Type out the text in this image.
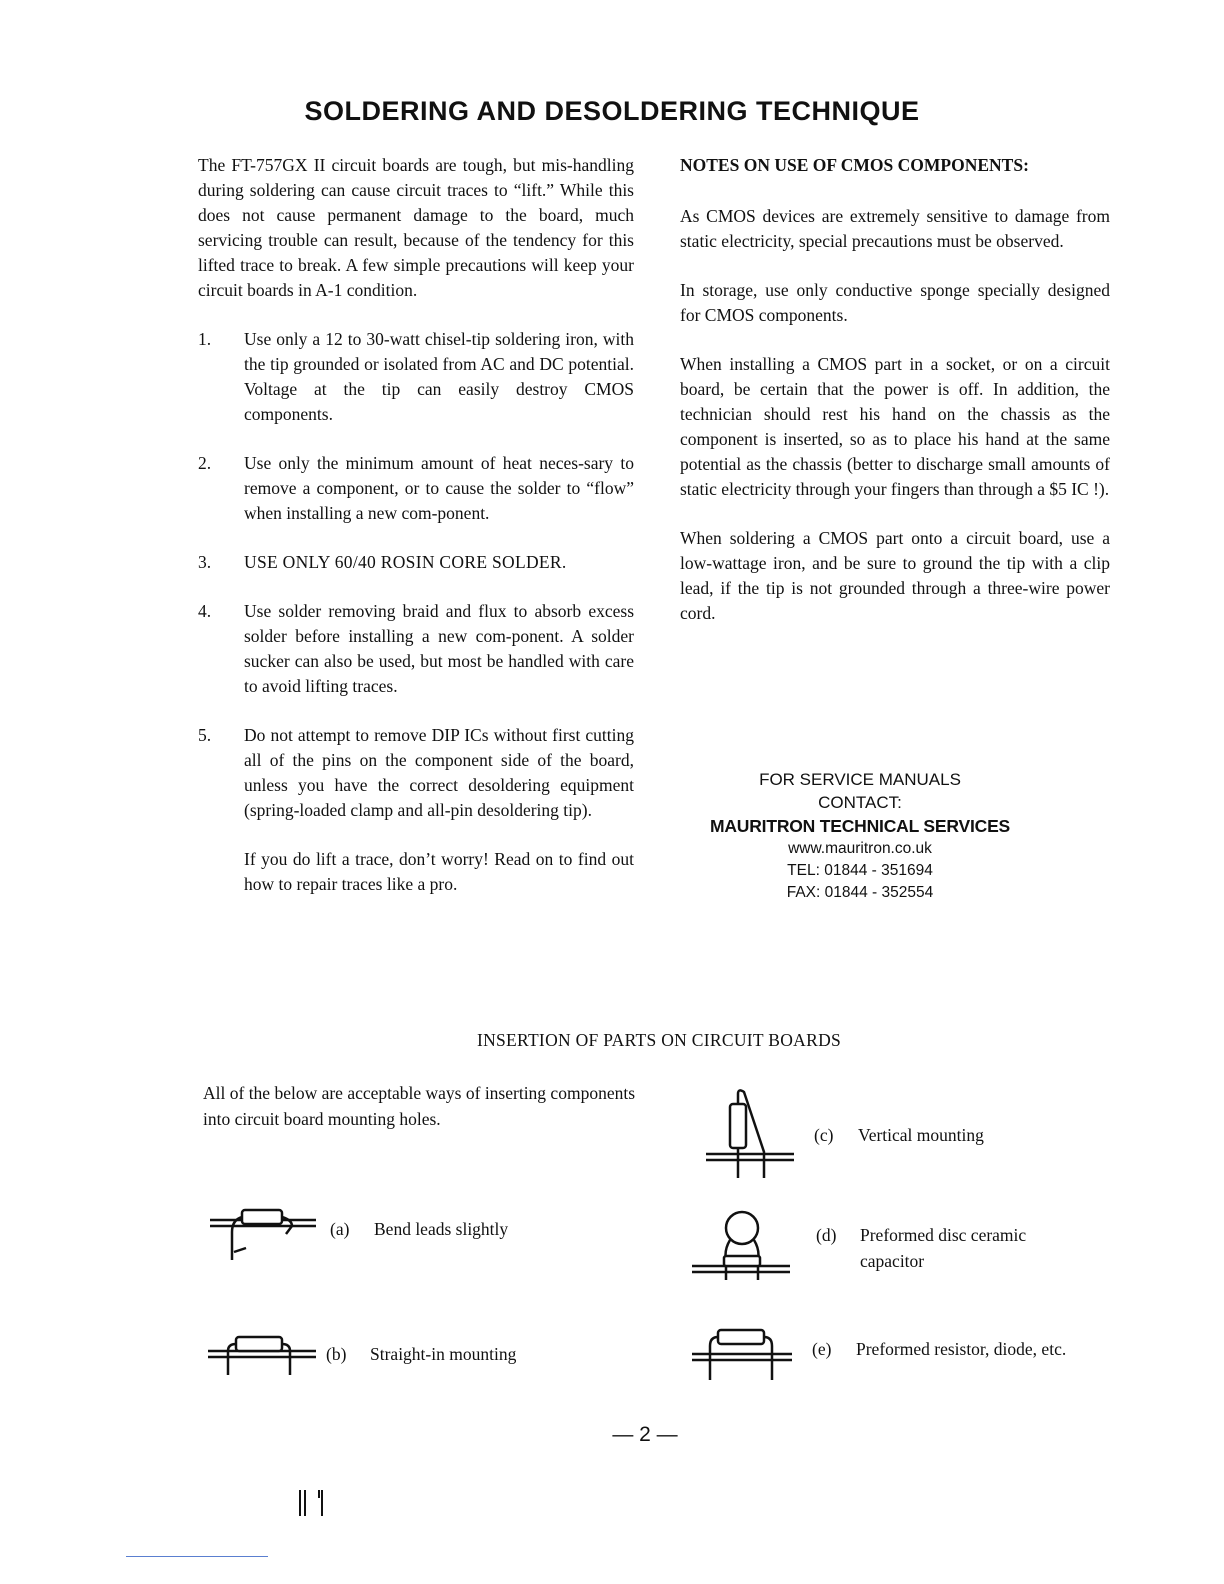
SOLDERING AND DESOLDERING TECHNIQUE

The FT-757GX II circuit boards are tough, but mis-handling during soldering can cause circuit traces to “lift.” While this does not cause permanent damage to the board, much servicing trouble can result, because of the tendency for this lifted trace to break. A few simple precautions will keep your circuit boards in A-1 condition.

1.	Use only a 12 to 30-watt chisel-tip soldering iron, with the tip grounded or isolated from AC and DC potential. Voltage at the tip can easily destroy CMOS components.
2.	Use only the minimum amount of heat neces-sary to remove a component, or to cause the solder to “flow” when installing a new com-ponent.
3.	USE ONLY 60/40 ROSIN CORE SOLDER.
4.	Use solder removing braid and flux to absorb excess solder before installing a new com-ponent. A solder sucker can also be used, but most be handled with care to avoid lifting traces.
5.	Do not attempt to remove DIP ICs without first cutting all of the pins on the component side of the board, unless you have the correct desoldering equipment (spring-loaded clamp and all-pin desoldering tip).

If you do lift a trace, don’t worry! Read on to find out how to repair traces like a pro.

NOTES ON USE OF CMOS COMPONENTS:

As CMOS devices are extremely sensitive to damage from static electricity, special precautions must be observed.

In storage, use only conductive sponge specially designed for CMOS components.

When installing a CMOS part in a socket, or on a circuit board, be certain that the power is off. In addition, the technician should rest his hand on the chassis as the component is inserted, so as to place his hand at the same potential as the chassis (better to discharge small amounts of static electricity through your fingers than through a $5 IC !).

When soldering a CMOS part onto a circuit board, use a low-wattage iron, and be sure to ground the tip with a clip lead, if the tip is not grounded through a three-wire power cord.

FOR SERVICE MANUALS
CONTACT:
MAURITRON TECHNICAL SERVICES
www.mauritron.co.uk
TEL: 01844 - 351694
FAX: 01844 - 352554
INSERTION OF PARTS ON CIRCUIT BOARDS
All of the below are acceptable ways of inserting components into circuit board mounting holes.
(a) Bend leads slightly
(b) Straight-in mounting
(c) Vertical mounting
(d) Preformed disc ceramic capacitor
(e) Preformed resistor, diode, etc.
— 2 —
